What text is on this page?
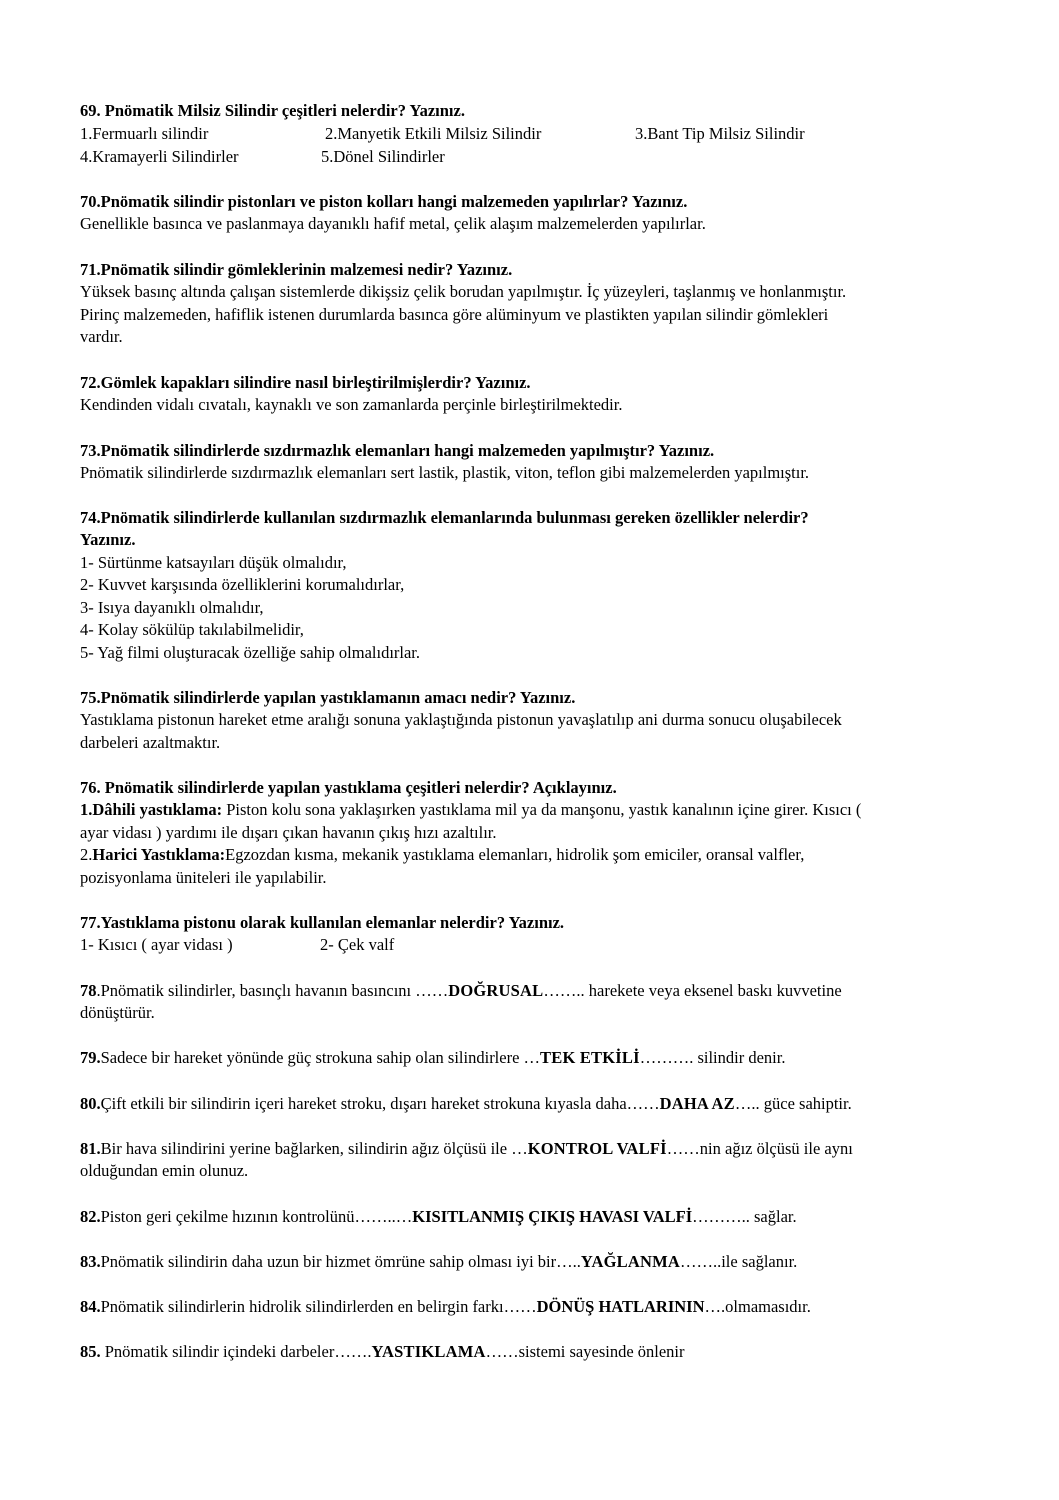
69. Pnömatik Milsiz Silindir çeşitleri nelerdir? Yazınız.
1.Fermuarlı silindir	2.Manyetik Etkili Milsiz Silindir	3.Bant Tip Milsiz Silindir
4.Kramayerli Silindirler	5.Dönel Silindirler
70.Pnömatik silindir pistonları ve piston kolları hangi malzemeden yapılırlar? Yazınız.
Genellikle basınca ve paslanmaya dayanıklı hafif metal, çelik alaşım malzemelerden yapılırlar.
71.Pnömatik silindir gömleklerinin malzemesi nedir? Yazınız.
Yüksek basınç altında çalışan sistemlerde dikişsiz çelik borudan yapılmıştır. İç yüzeyleri, taşlanmış ve honlanmıştır.
Pirinç malzemeden, hafiflik istenen durumlarda basınca göre alüminyum ve plastikten yapılan silindir gömlekleri
vardır.
72.Gömlek kapakları silindire nasıl birleştirilmişlerdir? Yazınız.
Kendinden vidalı cıvatalı, kaynaklı ve son zamanlarda perçinle birleştirilmektedir.
73.Pnömatik silindirlerde sızdırmazlık elemanları hangi malzemeden yapılmıştır? Yazınız.
Pnömatik silindirlerde sızdırmazlık elemanları sert lastik, plastik, viton, teflon gibi malzemelerden yapılmıştır.
74.Pnömatik silindirlerde kullanılan sızdırmazlık elemanlarında bulunması gereken özellikler nelerdir?
Yazınız.
1- Sürtünme katsayıları düşük olmalıdır,
2- Kuvvet karşısında özelliklerini korumalıdırlar,
3- Isıya dayanıklı olmalıdır,
4- Kolay sökülüp takılabilmelidir,
5- Yağ filmi oluşturacak özelliğe sahip olmalıdırlar.
75.Pnömatik silindirlerde yapılan yastıklamanın amacı nedir? Yazınız.
Yastıklama pistonun hareket etme aralığı sonuna yaklaştığında pistonun yavaşlatılıp ani durma sonucu oluşabilecek
darbeleri azaltmaktır.
76. Pnömatik silindirlerde yapılan yastıklama çeşitleri nelerdir? Açıklayınız.
1.Dâhili yastıklama: Piston kolu sona yaklaşırken yastıklama mil ya da manşonu, yastık kanalının içine girer. Kısıcı (
ayar vidası ) yardımı ile dışarı çıkan havanın çıkış hızı azaltılır.
2.Harici Yastıklama:Egzozdan kısma, mekanik yastıklama elemanları, hidrolik şom emiciler, oransal valfler,
pozisyonlama üniteleri ile yapılabilir.
77.Yastıklama pistonu olarak kullanılan elemanlar nelerdir? Yazınız.
1- Kısıcı ( ayar vidası )	2- Çek valf
78.Pnömatik silindirler, basınçlı havanın basıncını ……DOĞRUSAL…….. harekete veya eksenel baskı kuvvetine
dönüştürür.
79.Sadece bir hareket yönünde güç strokuna sahip olan silindirlere …TEK ETKİLİ………. silindir denir.
80.Çift etkili bir silindirin içeri hareket stroku, dışarı hareket strokuna kıyasla daha……DAHA AZ….. güce sahiptir.
81.Bir hava silindirini yerine bağlarken, silindirin ağız ölçüsü ile …KONTROL VALFİ……nin ağız ölçüsü ile aynı
olduğundan emin olunuz.
82.Piston geri çekilme hızının kontrolünü……..…KISITLANMIŞ ÇIKIŞ HAVASI VALFİ……….. sağlar.
83.Pnömatik silindirin daha uzun bir hizmet ömrüne sahip olması iyi bir…..YAĞLANMA……..ile sağlanır.
84.Pnömatik silindirlerin hidrolik silindirlerden en belirgin farkı……DÖNÜŞ HATLARININ….olmamasıdır.
85. Pnömatik silindir içindeki darbeler…….YASTIKLAMA……sistemi sayesinde önlenir
